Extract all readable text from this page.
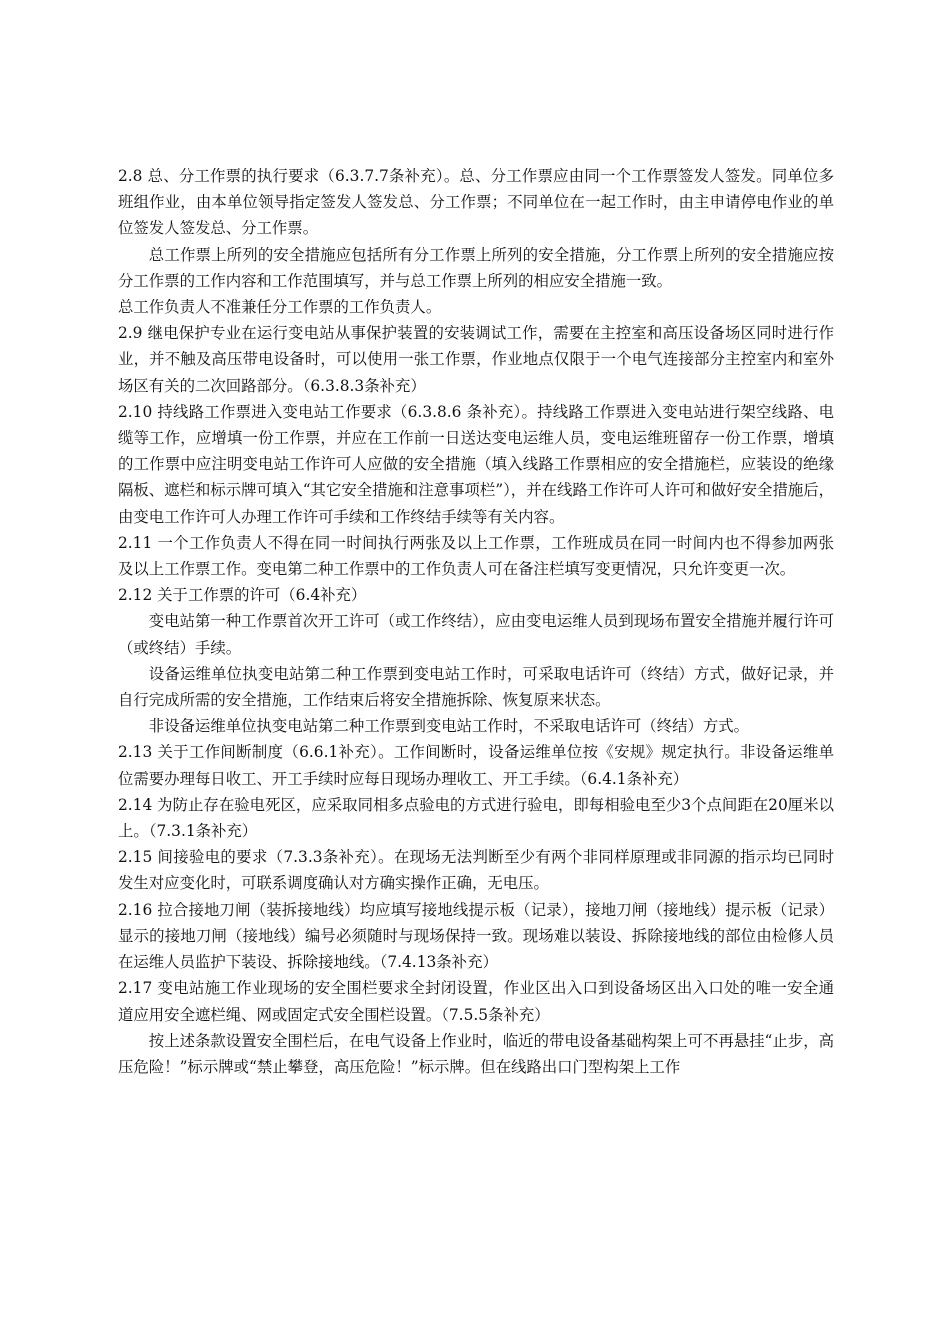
2.8 总、分工作票的执行要求（6.3.7.7条补充）。总、分工作票应由同一个工作票签发人签发。同单位多班组作业，由本单位领导指定签发人签发总、分工作票；不同单位在一起工作时，由主申请停电作业的单位签发人签发总、分工作票。

总工作票上所列的安全措施应包括所有分工作票上所列的安全措施，分工作票上所列的安全措施应按分工作票的工作内容和工作范围填写，并与总工作票上所列的相应安全措施一致。

总工作负责人不准兼任分工作票的工作负责人。

2.9 继电保护专业在运行变电站从事保护装置的安装调试工作，需要在主控室和高压设备场区同时进行作业，并不触及高压带电设备时，可以使用一张工作票，作业地点仅限于一个电气连接部分主控室内和室外场区有关的二次回路部分。（6.3.8.3条补充）

2.10 持线路工作票进入变电站工作要求（6.3.8.6 条补充）。持线路工作票进入变电站进行架空线路、电缆等工作，应增填一份工作票，并应在工作前一日送达变电运维人员，变电运维班留存一份工作票，增填的工作票中应注明变电站工作许可人应做的安全措施（填入线路工作票相应的安全措施栏，应装设的绝缘隔板、遮栏和标示牌可填入“其它安全措施和注意事项栏”），并在线路工作许可人许可和做好安全措施后，由变电工作许可人办理工作许可手续和工作终结手续等有关内容。

2.11 一个工作负责人不得在同一时间执行两张及以上工作票，工作班成员在同一时间内也不得参加两张及以上工作票工作。变电第二种工作票中的工作负责人可在备注栏填写变更情况，只允许变更一次。

2.12 关于工作票的许可（6.4补充）

变电站第一种工作票首次开工许可（或工作终结），应由变电运维人员到现场布置安全措施并履行许可（或终结）手续。

设备运维单位执变电站第二种工作票到变电站工作时，可采取电话许可（终结）方式，做好记录，并自行完成所需的安全措施，工作结束后将安全措施拆除、恢复原来状态。

非设备运维单位执变电站第二种工作票到变电站工作时，不采取电话许可（终结）方式。

2.13 关于工作间断制度（6.6.1补充）。工作间断时，设备运维单位按《安规》规定执行。非设备运维单位需要办理每日收工、开工手续时应每日现场办理收工、开工手续。（6.4.1条补充）

2.14 为防止存在验电死区，应采取同相多点验电的方式进行验电，即每相验电至少3个点间距在20厘米以上。（7.3.1条补充）

2.15 间接验电的要求（7.3.3条补充）。在现场无法判断至少有两个非同样原理或非同源的指示均已同时发生对应变化时，可联系调度确认对方确实操作正确，无电压。

2.16 拉合接地刀闸（装拆接地线）均应填写接地线提示板（记录），接地刀闸（接地线）提示板（记录）显示的接地刀闸（接地线）编号必须随时与现场保持一致。现场难以装设、拆除接地线的部位由检修人员在运维人员监护下装设、拆除接地线。（7.4.13条补充）

2.17 变电站施工作业现场的安全围栏要求全封闭设置，作业区出入口到设备场区出入口处的唯一安全通道应用安全遮栏绳、网或固定式安全围栏设置。（7.5.5条补充）

按上述条款设置安全围栏后，在电气设备上作业时，临近的带电设备基础构架上可不再悬挂“止步，高压危险！”标示牌或“禁止攀登，高压危险！”标示牌。但在线路出口门型构架上工作
